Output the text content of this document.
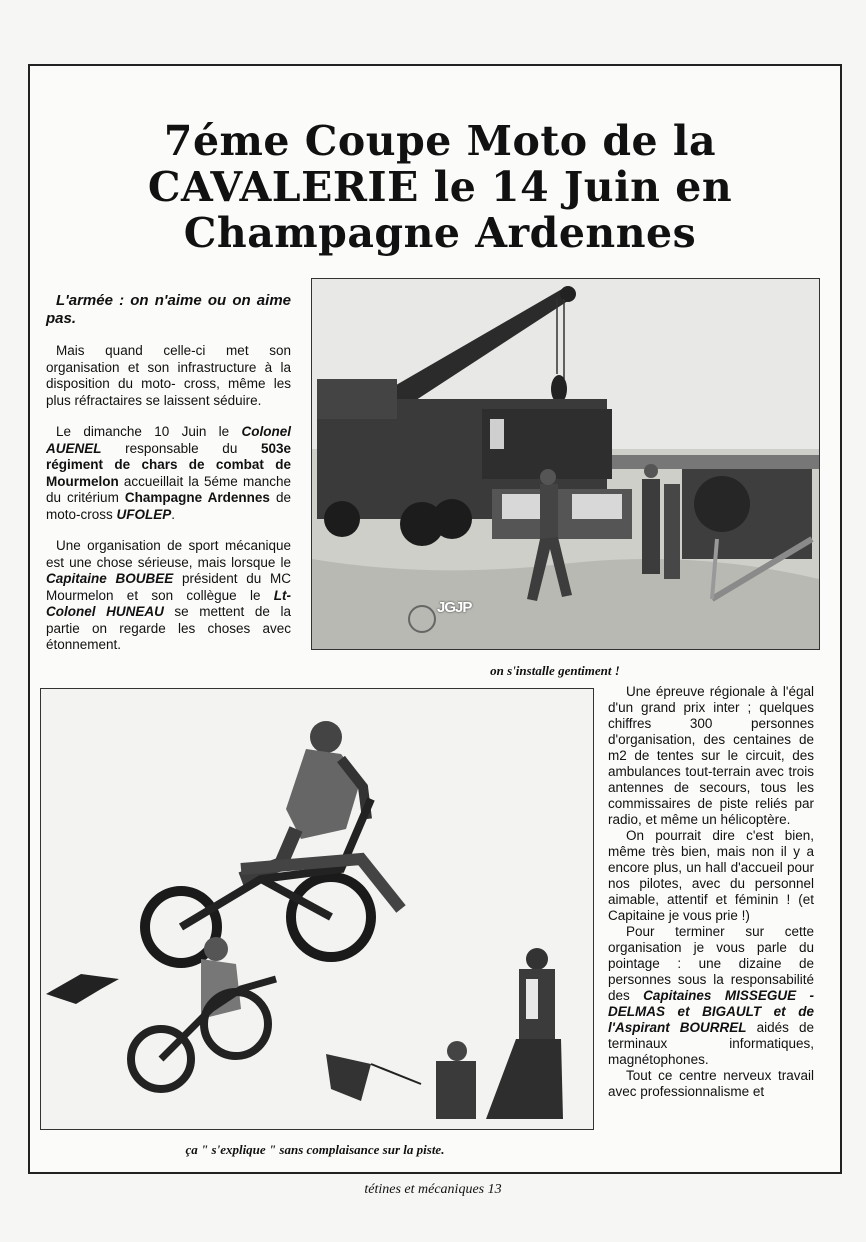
7éme Coupe Moto de la
CAVALERIE le 14 Juin en
Champagne Ardennes

L'armée : on n'aime ou on aime pas.

Mais quand celle-ci met son organisation et son infrastructure à la disposition du moto- cross, même les plus réfractaires se laissent séduire.

Le dimanche 10 Juin le Colonel AUENEL responsable du 503e régiment de chars de combat de Mourmelon accueillait la 5éme manche du critérium Champagne Ardennes de moto-cross UFOLEP.

Une organisation de sport mécanique est une chose sérieuse, mais lorsque le Capitaine BOUBEE président du MC Mourmelon et son collègue le Lt-Colonel HUNEAU se mettent de la partie on regarde les choses avec étonnement.

JGJP
on s'installe gentiment !
ça " s'explique " sans complaisance sur la piste.

Une épreuve régionale à l'égal d'un grand prix inter ; quelques chiffres 300 personnes d'organisation, des centaines de m2 de tentes sur le circuit, des ambulances tout-terrain avec trois antennes de secours, tous les commissaires de piste reliés par radio, et même un hélicoptère.

On pourrait dire c'est bien, même très bien, mais non il y a encore plus, un hall d'accueil pour nos pilotes, avec du personnel aimable, attentif et féminin ! (et Capitaine je vous prie !)

Pour terminer sur cette organisation je vous parle du pointage : une dizaine de personnes sous la responsabilité des Capitaines MISSEGUE - DELMAS et BIGAULT et de l'Aspirant BOURREL aidés de terminaux informatiques, magnétophones.

Tout ce centre nerveux travail avec professionnalisme et

tétines et mécaniques 13
